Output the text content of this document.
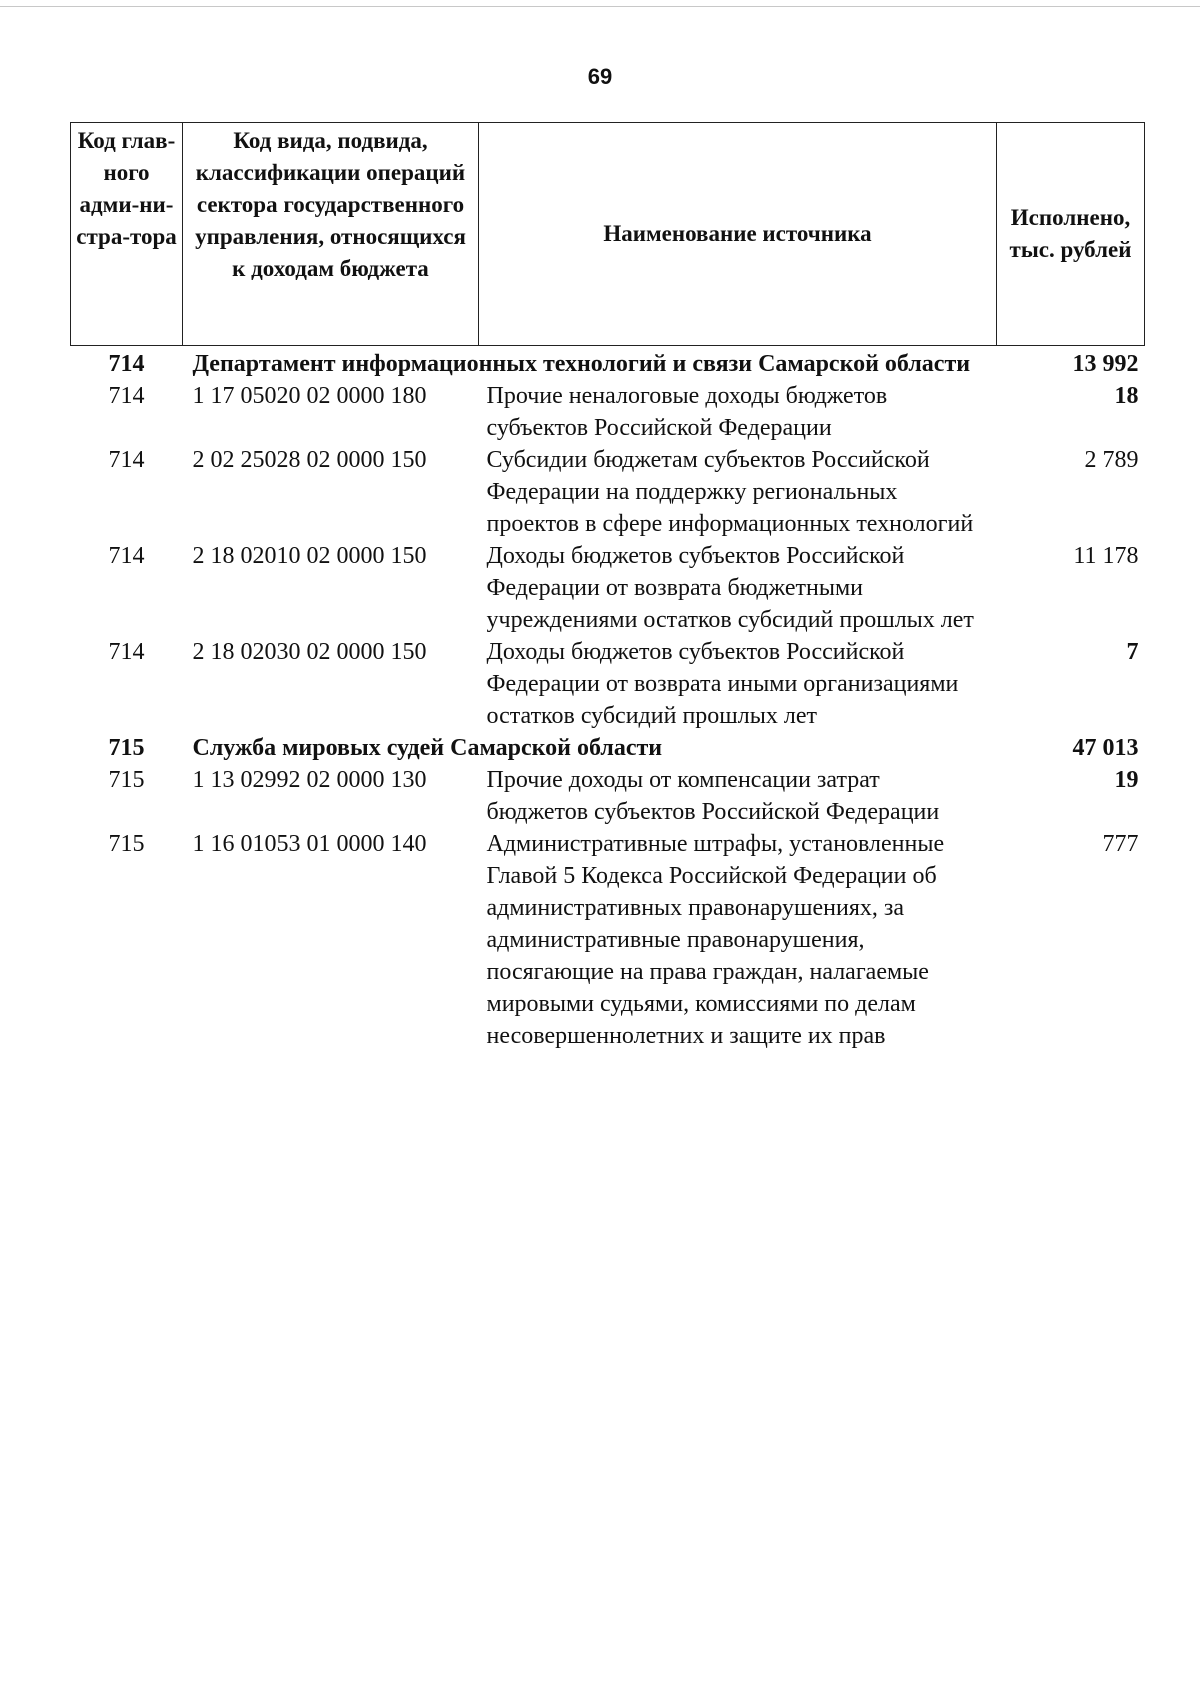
69
Код глав-ного адми-ни-стра-тора	Код вида, подвида, классификации операций сектора государственного управления, относящихся к доходам бюджета	Наименование источника	Исполнено, тыс. рублей
714	Департамент информационных технологий и связи Самарской области		13 992
714	1 17 05020 02 0000 180	Прочие неналоговые доходы бюджетов субъектов Российской Федерации	18
714	2 02 25028 02 0000 150	Субсидии бюджетам субъектов Российской Федерации на поддержку региональных проектов в сфере информационных технологий	2 789
714	2 18 02010 02 0000 150	Доходы бюджетов субъектов Российской Федерации от возврата бюджетными учреждениями остатков субсидий прошлых лет	11 178
714	2 18 02030 02 0000 150	Доходы бюджетов субъектов Российской Федерации от возврата иными организациями остатков субсидий прошлых лет	7
715	Служба мировых судей Самарской области		47 013
715	1 13 02992 02 0000 130	Прочие доходы от компенсации затрат бюджетов субъектов Российской Федерации	19
715	1 16 01053 01 0000 140	Административные штрафы, установленные Главой 5 Кодекса Российской Федерации об административных правонарушениях, за административные правонарушения, посягающие на права граждан, налагаемые мировыми судьями, комиссиями по делам несовершеннолетних и защите их прав	777
